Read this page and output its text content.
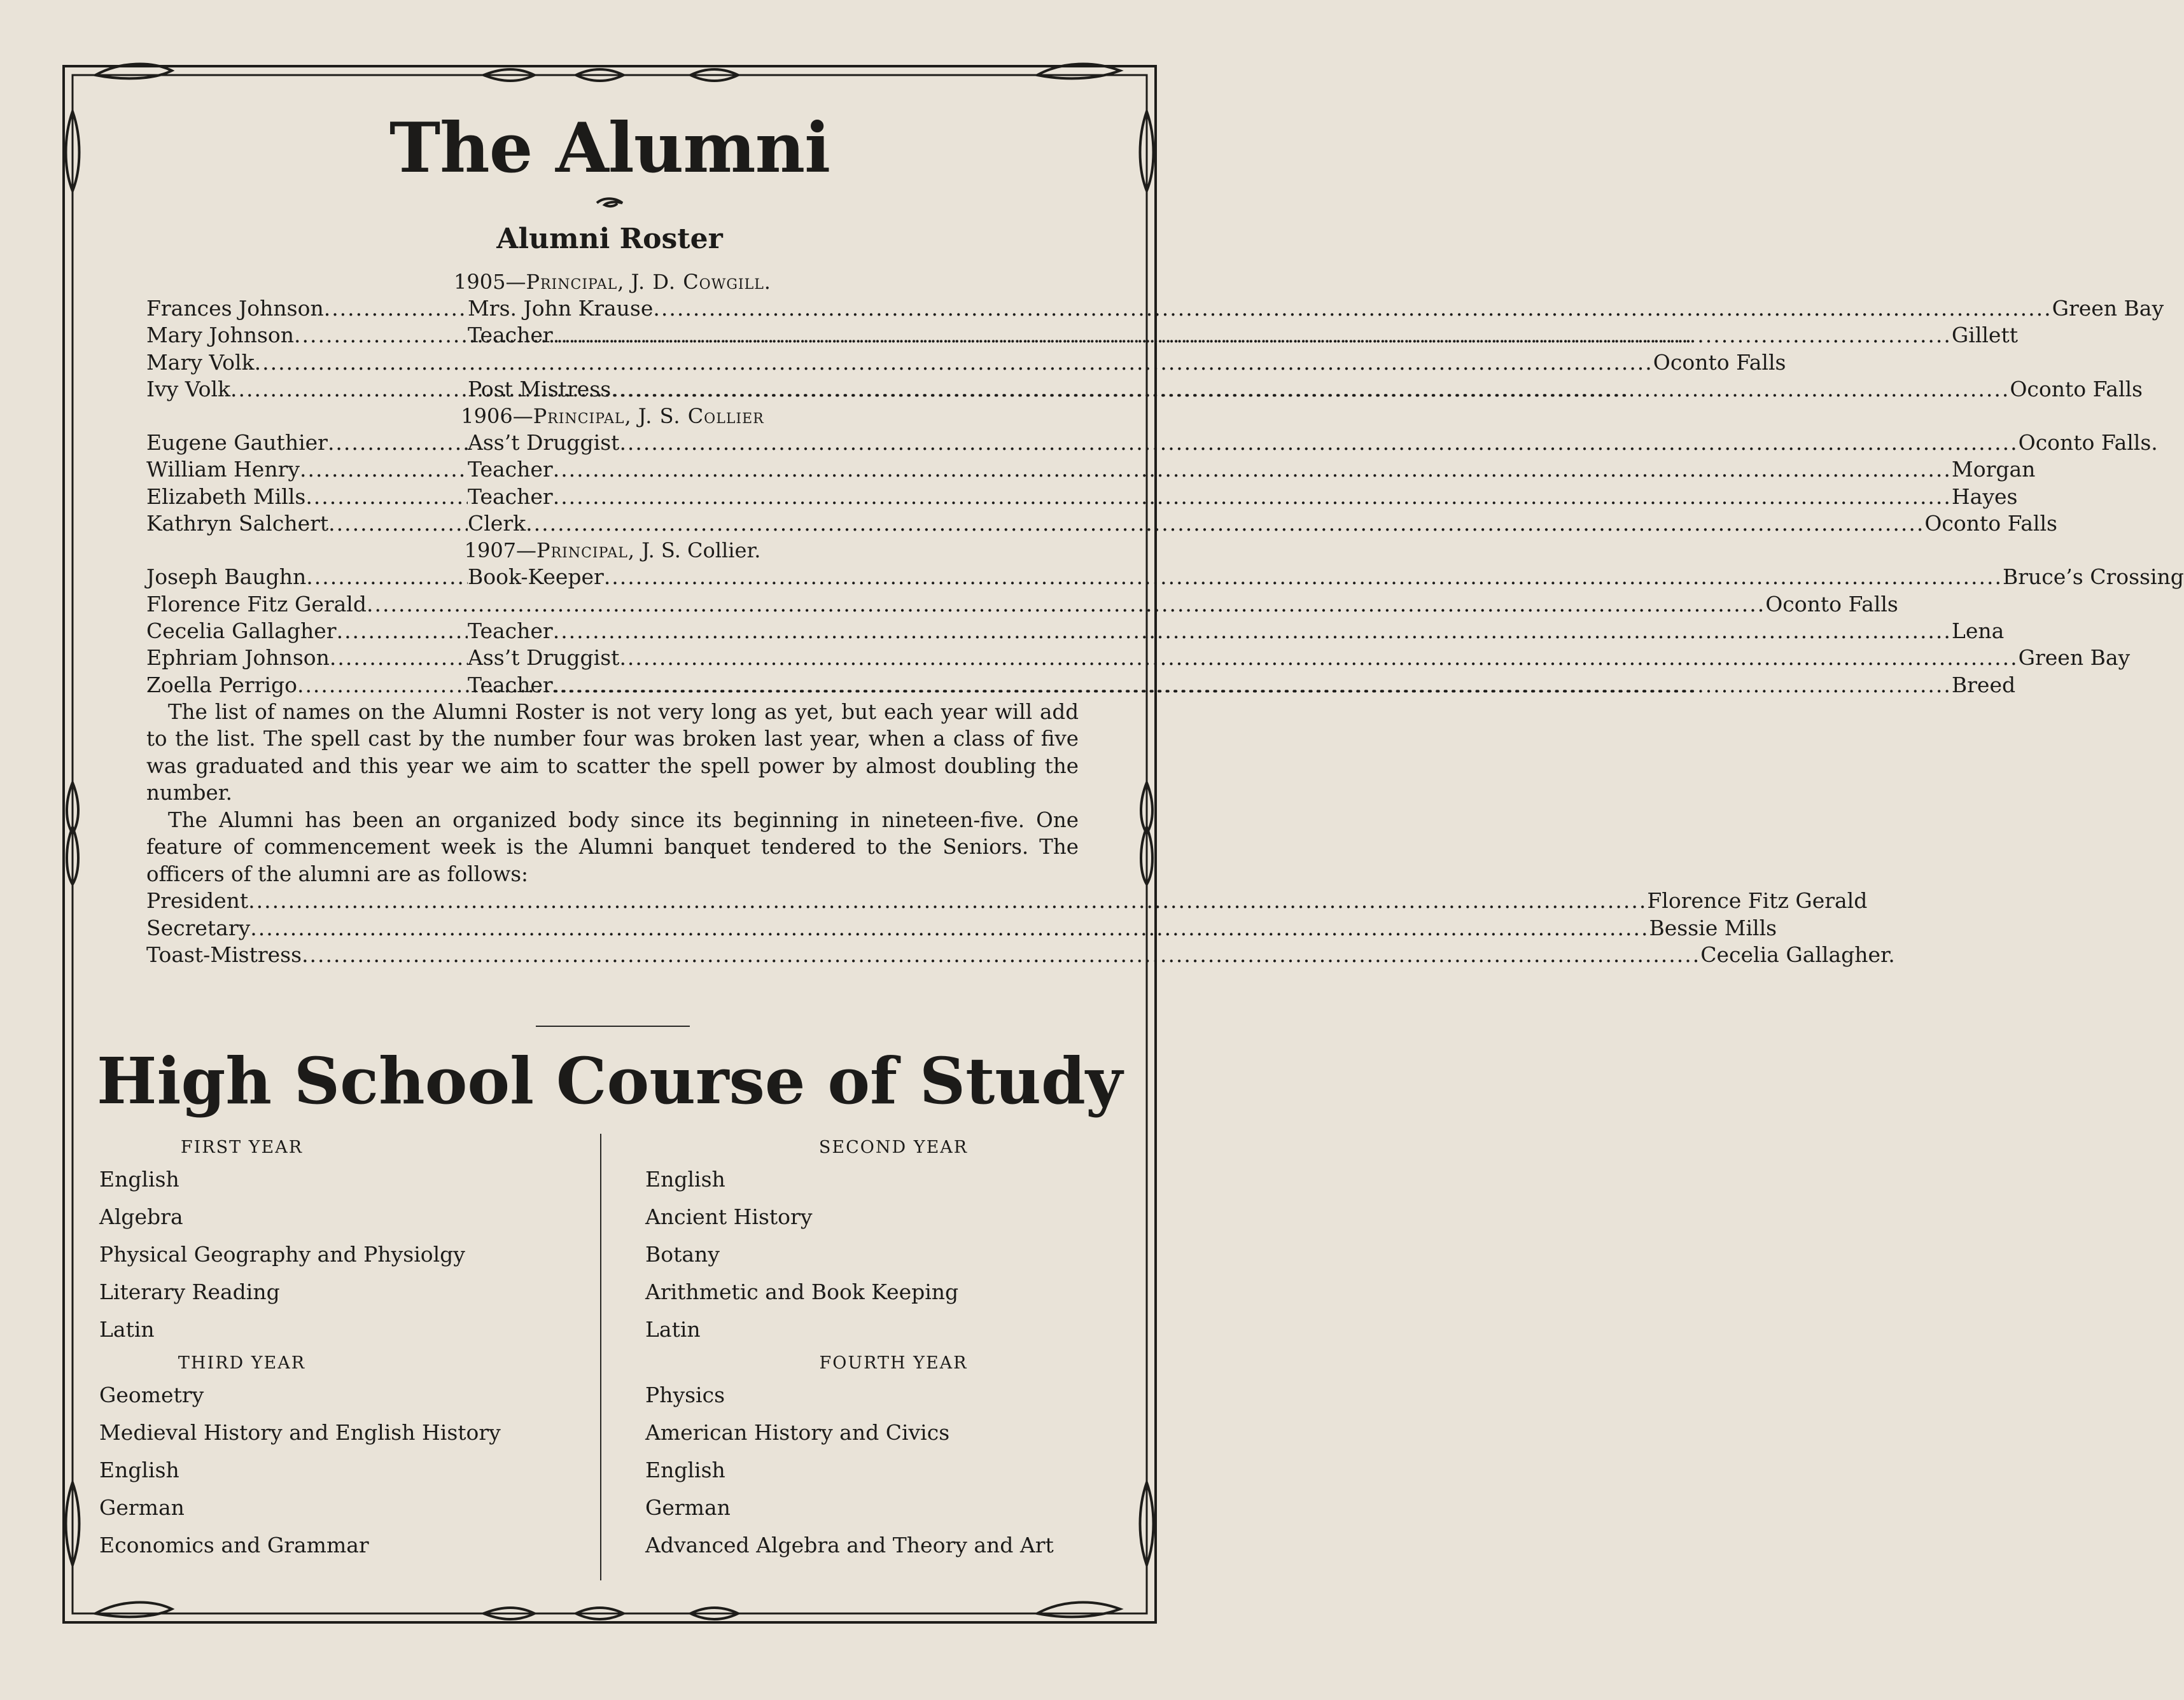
The Alumni
Alumni Roster
1905—Principal, J. D. Cowgill.
Frances Johnson .....	Mrs. John Krause .....	Green Bay
Mary Johnson .....	Teacher .....	Gillett
Mary Volk .....	Oconto Falls
Ivy Volk .....	Post Mistress .....	Oconto Falls
1906—Principal, J. S. Collier
Eugene Gauthier .....	Ass’t Druggist .....	Oconto Falls.
William Henry .....	Teacher .....	Morgan
Elizabeth Mills .....	Teacher .....	Hayes
Kathryn Salchert .....	Clerk .....	Oconto Falls
1907—Principal, J. S. Collier.
Joseph Baughn .....	Book-Keeper .....	Bruce’s Crossing
Florence Fitz Gerald .....	Oconto Falls
Cecelia Gallagher .....	Teacher .....	Lena
Ephriam Johnson .....	Ass’t Druggist .....	Green Bay
Zoella Perrigo .....	Teacher .....	Breed

The list of names on the Alumni Roster is not very long as yet, but each year will add to the list. The spell cast by the number four was broken last year, when a class of five was graduated and this year we aim to scatter the spell power by almost doubling the number.

The Alumni has been an organized body since its beginning in nineteen-five. One feature of commencement week is the Alumni banquet tendered to the Seniors. The officers of the alumni are as follows:

President .....	Florence Fitz Gerald
Secretary .....	Bessie Mills
Toast-Mistress .....	Cecelia Gallagher.
High School Course of Study
FIRST YEAR
English
Algebra
Physical Geography and Physiolgy
Literary Reading
Latin
THIRD YEAR
Geometry
Medieval History and English History
English
German
Economics and Grammar
SECOND YEAR
English
Ancient History
Botany
Arithmetic and Book Keeping
Latin
FOURTH YEAR
Physics
American History and Civics
English
German
Advanced Algebra and Theory and Art
